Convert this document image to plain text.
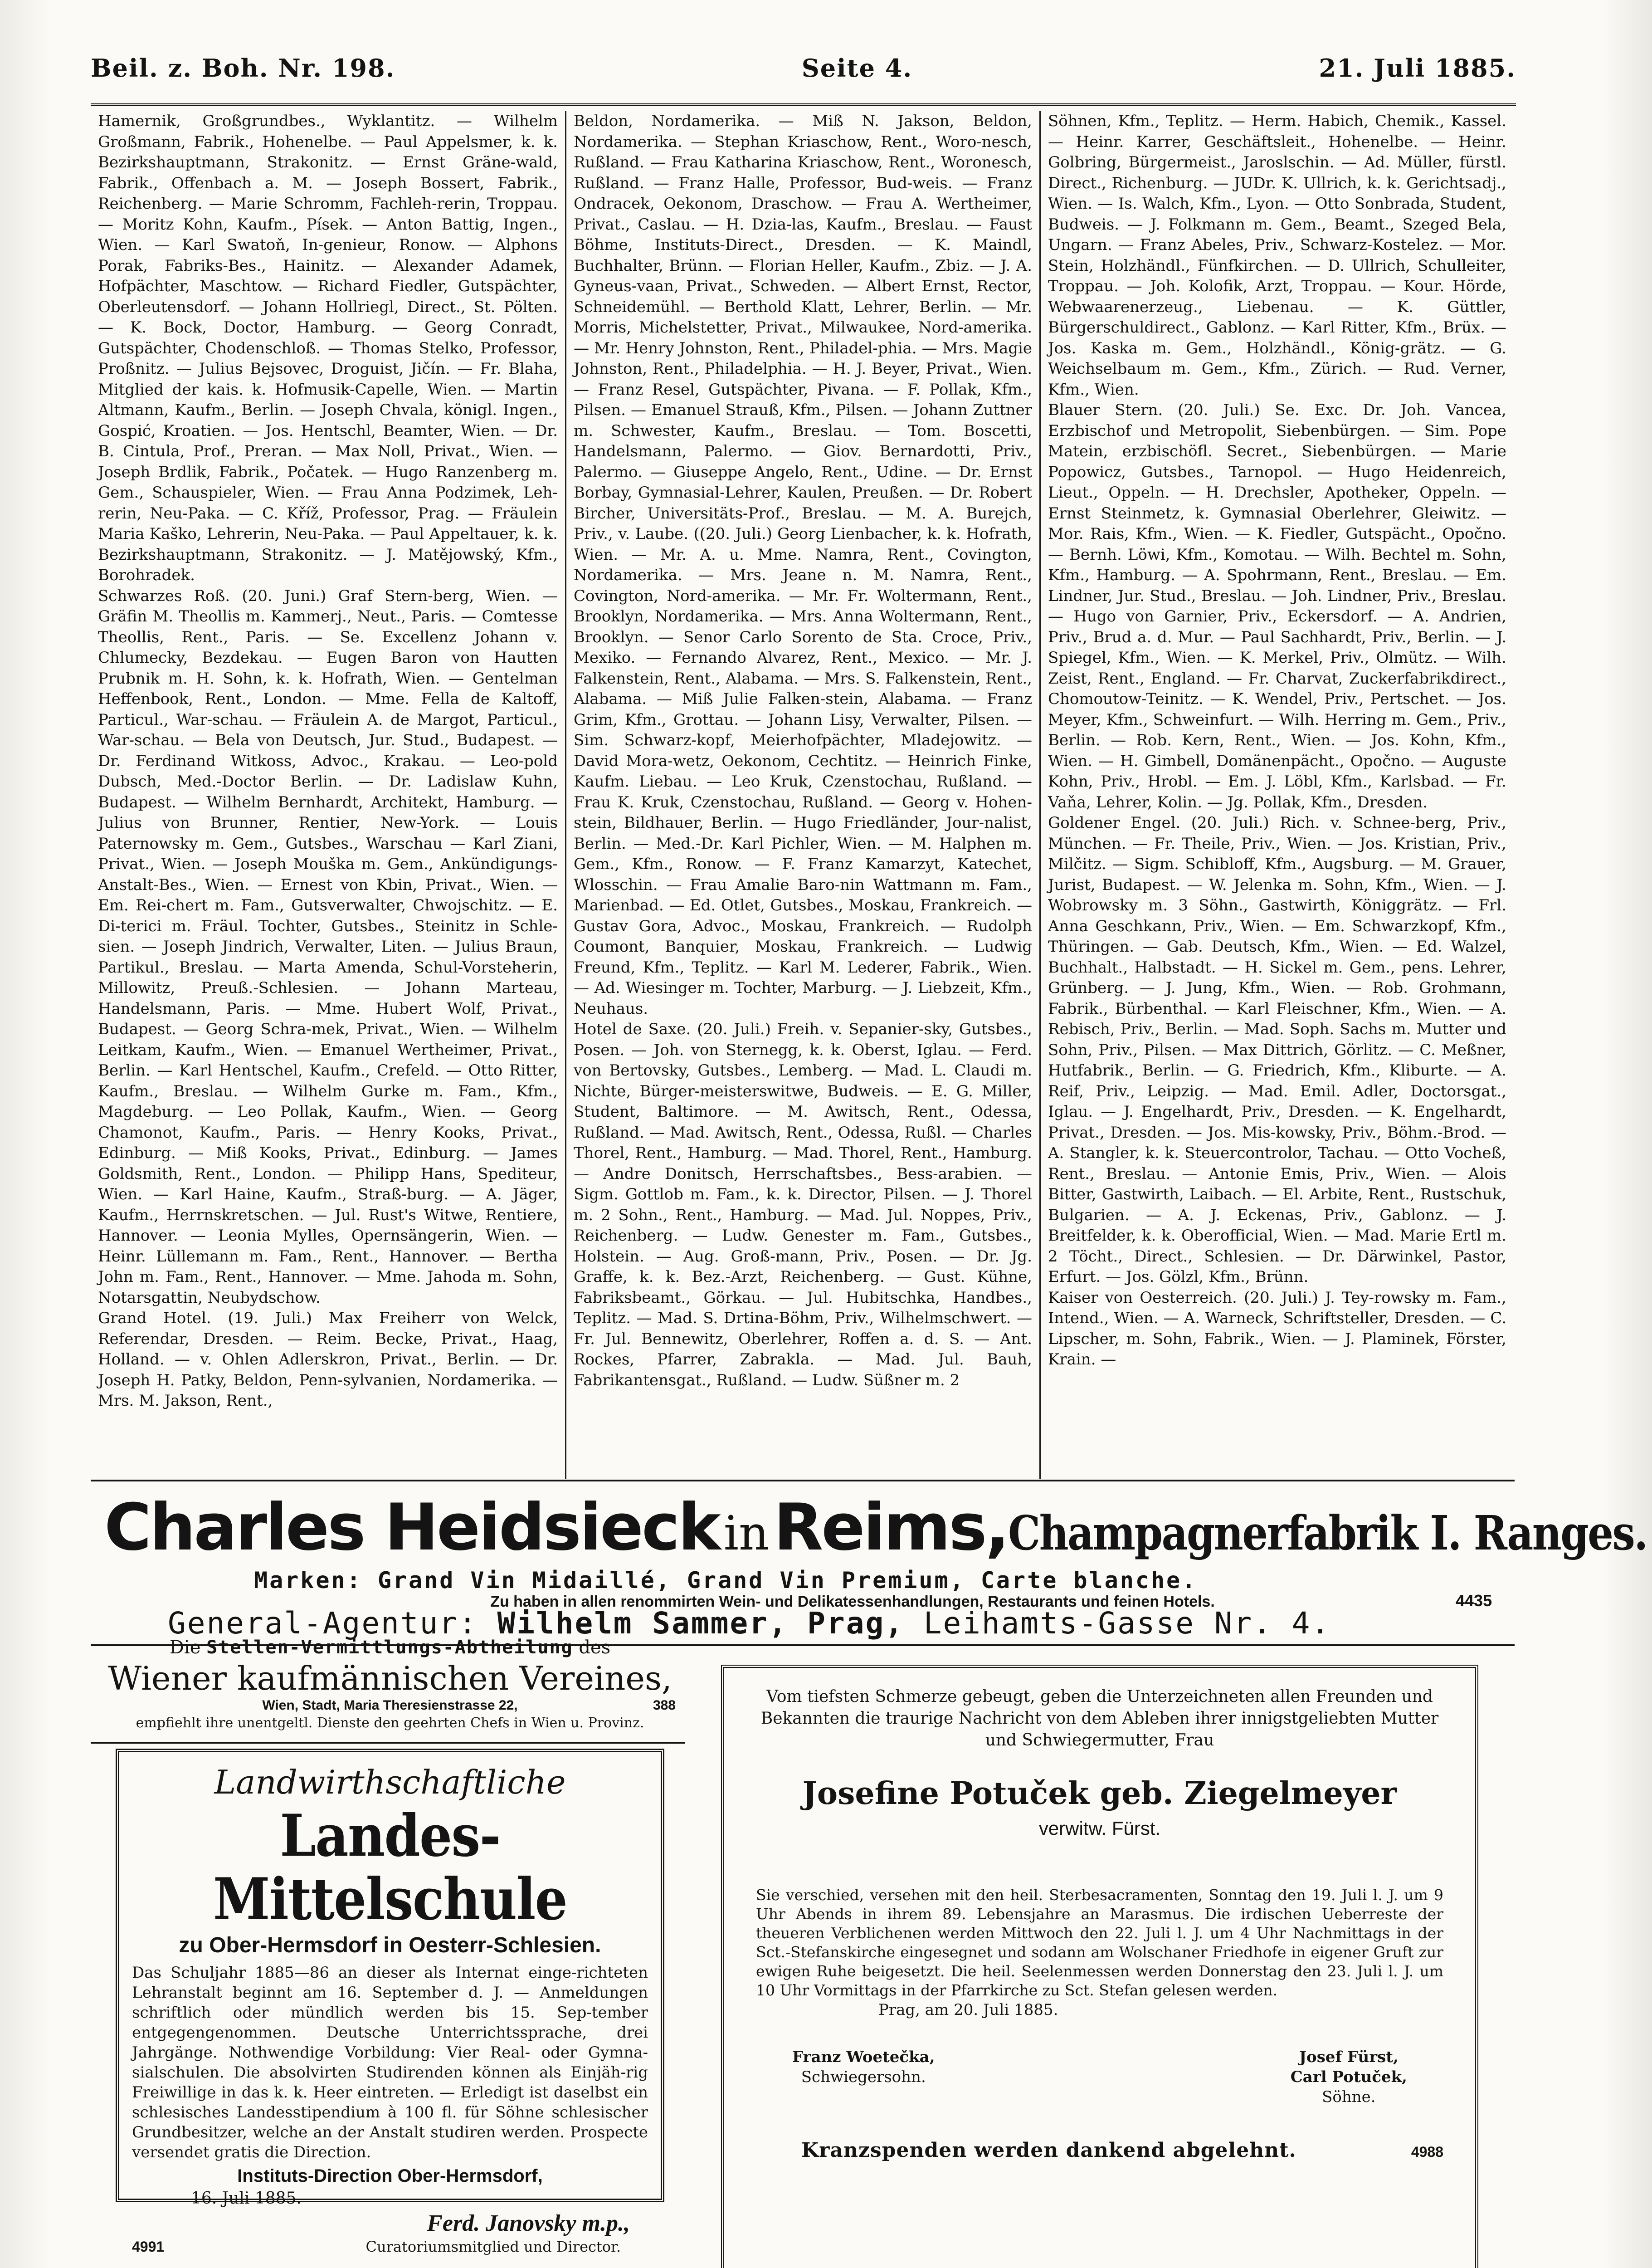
Beil. z. Boh. Nr. 198.	Seite 4.	21. Juli 1885.

Hamernik, Großgrundbes., Wyklantitz. — Wilhelm Großmann, Fabrik., Hohenelbe. — Paul Appelsmer, k. k. Bezirkshauptmann, Strakonitz. — Ernst Gräne-wald, Fabrik., Offenbach a. M. — Joseph Bossert, Fabrik., Reichenberg. — Marie Schromm, Fachleh-rerin, Troppau. — Moritz Kohn, Kaufm., Písek. — Anton Battig, Ingen., Wien. — Karl Swatoň, In-genieur, Ronow. — Alphons Porak, Fabriks-Bes., Hainitz. — Alexander Adamek, Hofpächter, Maschtow. — Richard Fiedler, Gutspächter, Oberleutensdorf. — Johann Hollriegl, Direct., St. Pölten. — K. Bock, Doctor, Hamburg. — Georg Conradt, Gutspächter, Chodenschloß. — Thomas Stelko, Professor, Proßnitz. — Julius Bejsovec, Droguist, Jičín. — Fr. Blaha, Mitglied der kais. k. Hofmusik-Capelle, Wien. — Martin Altmann, Kaufm., Berlin. — Joseph Chvala, königl. Ingen., Gospić, Kroatien. — Jos. Hentschl, Beamter, Wien. — Dr. B. Cintula, Prof., Preran. — Max Noll, Privat., Wien. — Joseph Brdlik, Fabrik., Počatek. — Hugo Ranzenberg m. Gem., Schauspieler, Wien. — Frau Anna Podzimek, Leh-rerin, Neu-Paka. — C. Kříž, Professor, Prag. — Fräulein Maria Kaško, Lehrerin, Neu-Paka. — Paul Appeltauer, k. k. Bezirkshauptmann, Strakonitz. — J. Matějowský, Kfm., Borohradek.

Schwarzes Roß. (20. Juni.) Graf Stern-berg, Wien. — Gräfin M. Theollis m. Kammerj., Neut., Paris. — Comtesse Theollis, Rent., Paris. — Se. Excellenz Johann v. Chlumecky, Bezdekau. — Eugen Baron von Hautten Prubnik m. H. Sohn, k. k. Hofrath, Wien. — Gentelman Heffenbook, Rent., London. — Mme. Fella de Kaltoff, Particul., War-schau. — Fräulein A. de Margot, Particul., War-schau. — Bela von Deutsch, Jur. Stud., Budapest. — Dr. Ferdinand Witkoss, Advoc., Krakau. — Leo-pold Dubsch, Med.-Doctor Berlin. — Dr. Ladislaw Kuhn, Budapest. — Wilhelm Bernhardt, Architekt, Hamburg. — Julius von Brunner, Rentier, New-York. — Louis Paternowsky m. Gem., Gutsbes., Warschau — Karl Ziani, Privat., Wien. — Joseph Mouška m. Gem., Ankündigungs-Anstalt-Bes., Wien. — Ernest von Kbin, Privat., Wien. — Em. Rei-chert m. Fam., Gutsverwalter, Chwojschitz. — E. Di-terici m. Fräul. Tochter, Gutsbes., Steinitz in Schle-sien. — Joseph Jindrich, Verwalter, Liten. — Julius Braun, Partikul., Breslau. — Marta Amenda, Schul-Vorsteherin, Millowitz, Preuß.-Schlesien. — Johann Marteau, Handelsmann, Paris. — Mme. Hubert Wolf, Privat., Budapest. — Georg Schra-mek, Privat., Wien. — Wilhelm Leitkam, Kaufm., Wien. — Emanuel Wertheimer, Privat., Berlin. — Karl Hentschel, Kaufm., Crefeld. — Otto Ritter, Kaufm., Breslau. — Wilhelm Gurke m. Fam., Kfm., Magdeburg. — Leo Pollak, Kaufm., Wien. — Georg Chamonot, Kaufm., Paris. — Henry Kooks, Privat., Edinburg. — Miß Kooks, Privat., Edinburg. — James Goldsmith, Rent., London. — Philipp Hans, Spediteur, Wien. — Karl Haine, Kaufm., Straß-burg. — A. Jäger, Kaufm., Herrnskretschen. — Jul. Rust's Witwe, Rentiere, Hannover. — Leonia Mylles, Opernsängerin, Wien. — Heinr. Lüllemann m. Fam., Rent., Hannover. — Bertha John m. Fam., Rent., Hannover. — Mme. Jahoda m. Sohn, Notarsgattin, Neubydschow.

Grand Hotel. (19. Juli.) Max Freiherr von Welck, Referendar, Dresden. — Reim. Becke, Privat., Haag, Holland. — v. Ohlen Adlerskron, Privat., Berlin. — Dr. Joseph H. Patky, Beldon, Penn-sylvanien, Nordamerika. — Mrs. M. Jakson, Rent.,

Beldon, Nordamerika. — Miß N. Jakson, Beldon, Nordamerika. — Stephan Kriaschow, Rent., Woro-nesch, Rußland. — Frau Katharina Kriaschow, Rent., Woronesch, Rußland. — Franz Halle, Professor, Bud-weis. — Franz Ondracek, Oekonom, Draschow. — Frau A. Wertheimer, Privat., Caslau. — H. Dzia-las, Kaufm., Breslau. — Faust Böhme, Instituts-Direct., Dresden. — K. Maindl, Buchhalter, Brünn. — Florian Heller, Kaufm., Zbiz. — J. A. Gyneus-vaan, Privat., Schweden. — Albert Ernst, Rector, Schneidemühl. — Berthold Klatt, Lehrer, Berlin. — Mr. Morris, Michelstetter, Privat., Milwaukee, Nord-amerika. — Mr. Henry Johnston, Rent., Philadel-phia. — Mrs. Magie Johnston, Rent., Philadelphia. — H. J. Beyer, Privat., Wien. — Franz Resel, Gutspächter, Pivana. — F. Pollak, Kfm., Pilsen. — Emanuel Strauß, Kfm., Pilsen. — Johann Zuttner m. Schwester, Kaufm., Breslau. — Tom. Boscetti, Handelsmann, Palermo. — Giov. Bernardotti, Priv., Palermo. — Giuseppe Angelo, Rent., Udine. — Dr. Ernst Borbay, Gymnasial-Lehrer, Kaulen, Preußen. — Dr. Robert Bircher, Universitäts-Prof., Breslau. — M. A. Burejch, Priv., v. Laube. ((20. Juli.) Georg Lienbacher, k. k. Hofrath, Wien. — Mr. A. u. Mme. Namra, Rent., Covington, Nordamerika. — Mrs. Jeane n. M. Namra, Rent., Covington, Nord-amerika. — Mr. Fr. Woltermann, Rent., Brooklyn, Nordamerika. — Mrs. Anna Woltermann, Rent., Brooklyn. — Senor Carlo Sorento de Sta. Croce, Priv., Mexiko. — Fernando Alvarez, Rent., Mexico. — Mr. J. Falkenstein, Rent., Alabama. — Mrs. S. Falkenstein, Rent., Alabama. — Miß Julie Falken-stein, Alabama. — Franz Grim, Kfm., Grottau. — Johann Lisy, Verwalter, Pilsen. — Sim. Schwarz-kopf, Meierhofpächter, Mladejowitz. — David Mora-wetz, Oekonom, Cechtitz. — Heinrich Finke, Kaufm. Liebau. — Leo Kruk, Czenstochau, Rußland. — Frau K. Kruk, Czenstochau, Rußland. — Georg v. Hohen-stein, Bildhauer, Berlin. — Hugo Friedländer, Jour-nalist, Berlin. — Med.-Dr. Karl Pichler, Wien. — M. Halphen m. Gem., Kfm., Ronow. — F. Franz Kamarzyt, Katechet, Wlosschin. — Frau Amalie Baro-nin Wattmann m. Fam., Marienbad. — Ed. Otlet, Gutsbes., Moskau, Frankreich. — Gustav Gora, Advoc., Moskau, Frankreich. — Rudolph Coumont, Banquier, Moskau, Frankreich. — Ludwig Freund, Kfm., Teplitz. — Karl M. Lederer, Fabrik., Wien. — Ad. Wiesinger m. Tochter, Marburg. — J. Liebzeit, Kfm., Neuhaus.

Hotel de Saxe. (20. Juli.) Freih. v. Sepanier-sky, Gutsbes., Posen. — Joh. von Sternegg, k. k. Oberst, Iglau. — Ferd. von Bertovsky, Gutsbes., Lemberg. — Mad. L. Claudi m. Nichte, Bürger-meisterswitwe, Budweis. — E. G. Miller, Student, Baltimore. — M. Awitsch, Rent., Odessa, Rußland. — Mad. Awitsch, Rent., Odessa, Rußl. — Charles Thorel, Rent., Hamburg. — Mad. Thorel, Rent., Hamburg. — Andre Donitsch, Herrschaftsbes., Bess-arabien. — Sigm. Gottlob m. Fam., k. k. Director, Pilsen. — J. Thorel m. 2 Sohn., Rent., Hamburg. — Mad. Jul. Noppes, Priv., Reichenberg. — Ludw. Genester m. Fam., Gutsbes., Holstein. — Aug. Groß-mann, Priv., Posen. — Dr. Jg. Graffe, k. k. Bez.-Arzt, Reichenberg. — Gust. Kühne, Fabriksbeamt., Görkau. — Jul. Hubitschka, Handbes., Teplitz. — Mad. S. Drtina-Böhm, Priv., Wilhelmschwert. — Fr. Jul. Bennewitz, Oberlehrer, Roffen a. d. S. — Ant. Rockes, Pfarrer, Zabrakla. — Mad. Jul. Bauh, Fabrikantensgat., Rußland. — Ludw. Süßner m. 2

Söhnen, Kfm., Teplitz. — Herm. Habich, Chemik., Kassel. — Heinr. Karrer, Geschäftsleit., Hohenelbe. — Heinr. Golbring, Bürgermeist., Jaroslschin. — Ad. Müller, fürstl. Direct., Richenburg. — JUDr. K. Ullrich, k. k. Gerichtsadj., Wien. — Is. Walch, Kfm., Lyon. — Otto Sonbrada, Student, Budweis. — J. Folkmann m. Gem., Beamt., Szeged Bela, Ungarn. — Franz Abeles, Priv., Schwarz-Kostelez. — Mor. Stein, Holzhändl., Fünfkirchen. — D. Ullrich, Schulleiter, Troppau. — Joh. Kolofik, Arzt, Troppau. — Kour. Hörde, Webwaarenerzeug., Liebenau. — K. Güttler, Bürgerschuldirect., Gablonz. — Karl Ritter, Kfm., Brüx. — Jos. Kaska m. Gem., Holzhändl., König-grätz. — G. Weichselbaum m. Gem., Kfm., Zürich. — Rud. Verner, Kfm., Wien.

Blauer Stern. (20. Juli.) Se. Exc. Dr. Joh. Vancea, Erzbischof und Metropolit, Siebenbürgen. — Sim. Pope Matein, erzbischöfl. Secret., Siebenbürgen. — Marie Popowicz, Gutsbes., Tarnopol. — Hugo Heidenreich, Lieut., Oppeln. — H. Drechsler, Apotheker, Oppeln. — Ernst Steinmetz, k. Gymnasial Oberlehrer, Gleiwitz. — Mor. Rais, Kfm., Wien. — K. Fiedler, Gutspächt., Opočno. — Bernh. Löwi, Kfm., Komotau. — Wilh. Bechtel m. Sohn, Kfm., Hamburg. — A. Spohrmann, Rent., Breslau. — Em. Lindner, Jur. Stud., Breslau. — Joh. Lindner, Priv., Breslau. — Hugo von Garnier, Priv., Eckersdorf. — A. Andrien, Priv., Brud a. d. Mur. — Paul Sachhardt, Priv., Berlin. — J. Spiegel, Kfm., Wien. — K. Merkel, Priv., Olmütz. — Wilh. Zeist, Rent., England. — Fr. Charvat, Zuckerfabrikdirect., Chomoutow-Teinitz. — K. Wendel, Priv., Pertschet. — Jos. Meyer, Kfm., Schweinfurt. — Wilh. Herring m. Gem., Priv., Berlin. — Rob. Kern, Rent., Wien. — Jos. Kohn, Kfm., Wien. — H. Gimbell, Domänenpächt., Opočno. — Auguste Kohn, Priv., Hrobl. — Em. J. Löbl, Kfm., Karlsbad. — Fr. Vaňa, Lehrer, Kolin. — Jg. Pollak, Kfm., Dresden.

Goldener Engel. (20. Juli.) Rich. v. Schnee-berg, Priv., München. — Fr. Theile, Priv., Wien. — Jos. Kristian, Priv., Milčitz. — Sigm. Schibloff, Kfm., Augsburg. — M. Grauer, Jurist, Budapest. — W. Jelenka m. Sohn, Kfm., Wien. — J. Wobrowsky m. 3 Söhn., Gastwirth, Königgrätz. — Frl. Anna Geschkann, Priv., Wien. — Em. Schwarzkopf, Kfm., Thüringen. — Gab. Deutsch, Kfm., Wien. — Ed. Walzel, Buchhalt., Halbstadt. — H. Sickel m. Gem., pens. Lehrer, Grünberg. — J. Jung, Kfm., Wien. — Rob. Grohmann, Fabrik., Bürbenthal. — Karl Fleischner, Kfm., Wien. — A. Rebisch, Priv., Berlin. — Mad. Soph. Sachs m. Mutter und Sohn, Priv., Pilsen. — Max Dittrich, Görlitz. — C. Meßner, Hutfabrik., Berlin. — G. Friedrich, Kfm., Kliburte. — A. Reif, Priv., Leipzig. — Mad. Emil. Adler, Doctorsgat., Iglau. — J. Engelhardt, Priv., Dresden. — K. Engelhardt, Privat., Dresden. — Jos. Mis-kowsky, Priv., Böhm.-Brod. — A. Stangler, k. k. Steuercontrolor, Tachau. — Otto Vocheß, Rent., Breslau. — Antonie Emis, Priv., Wien. — Alois Bitter, Gastwirth, Laibach. — El. Arbite, Rent., Rustschuk, Bulgarien. — A. J. Eckenas, Priv., Gablonz. — J. Breitfelder, k. k. Oberofficial, Wien. — Mad. Marie Ertl m. 2 Töcht., Direct., Schlesien. — Dr. Därwinkel, Pastor, Erfurt. — Jos. Gölzl, Kfm., Brünn.

Kaiser von Oesterreich. (20. Juli.) J. Tey-rowsky m. Fam., Intend., Wien. — A. Warneck, Schriftsteller, Dresden. — C. Lipscher, m. Sohn, Fabrik., Wien. — J. Plaminek, Förster, Krain. —

Charles Heidsieck in Reims, Champagnerfabrik I. Ranges.
Marken: Grand Vin Midaillé, Grand Vin Premium, Carte blanche.
Zu haben in allen renommirten Wein- und Delikatessenhandlungen, Restaurants und feinen Hotels.	4435
General-Agentur: Wilhelm Sammer, Prag, Leihamts-Gasse Nr. 4.
Die Stellen-Vermittlungs-Abtheilung des
Wiener kaufmännischen Vereines,
Wien, Stadt, Maria Theresienstrasse 22,	388
empfiehlt ihre unentgeltl. Dienste den geehrten Chefs in Wien u. Provinz.
Landwirthschaftliche
Landes-Mittelschule
zu Ober-Hermsdorf in Oesterr-Schlesien.
Das Schuljahr 1885—86 an dieser als Internat einge-richteten Lehranstalt beginnt am 16. September d. J. — Anmeldungen schriftlich oder mündlich werden bis 15. Sep-tember entgegengenommen. Deutsche Unterrichtssprache, drei Jahrgänge. Nothwendige Vorbildung: Vier Real- oder Gymna-sialschulen. Die absolvirten Studirenden können als Einjäh-rig Freiwillige in das k. k. Heer eintreten. — Erledigt ist daselbst ein schlesisches Landesstipendium à 100 fl. für Söhne schlesischer Grundbesitzer, welche an der Anstalt studiren werden. Prospecte versendet gratis die Direction.
Instituts-Direction Ober-Hermsdorf,
16. Juli 1885.
Ferd. Janovsky m.p.,
4991	Curatoriumsmitglied und Director.
Vom tiefsten Schmerze gebeugt, geben die Unterzeichneten allen Freunden und Bekannten die traurige Nachricht von dem Ableben ihrer innigstgeliebten Mutter und Schwiegermutter, Frau
Josefine Potuček geb. Ziegelmeyer
verwitw. Fürst.
Sie verschied, versehen mit den heil. Sterbesacramenten, Sonntag den 19. Juli l. J. um 9 Uhr Abends in ihrem 89. Lebensjahre an Marasmus. Die irdischen Ueberreste der theueren Verblichenen werden Mittwoch den 22. Juli l. J. um 4 Uhr Nachmittags in der Sct.-Stefanskirche eingesegnet und sodann am Wolschaner Friedhofe in eigener Gruft zur ewigen Ruhe beigesetzt. Die heil. Seelenmessen werden Donnerstag den 23. Juli l. J. um 10 Uhr Vormittags in der Pfarrkirche zu Sct. Stefan gelesen werden.
Prag, am 20. Juli 1885.
Franz Woetečka,
Schwiegersohn.
Josef Fürst,
Carl Potuček,
Söhne.
Kranzspenden werden dankend abgelehnt.	4988
